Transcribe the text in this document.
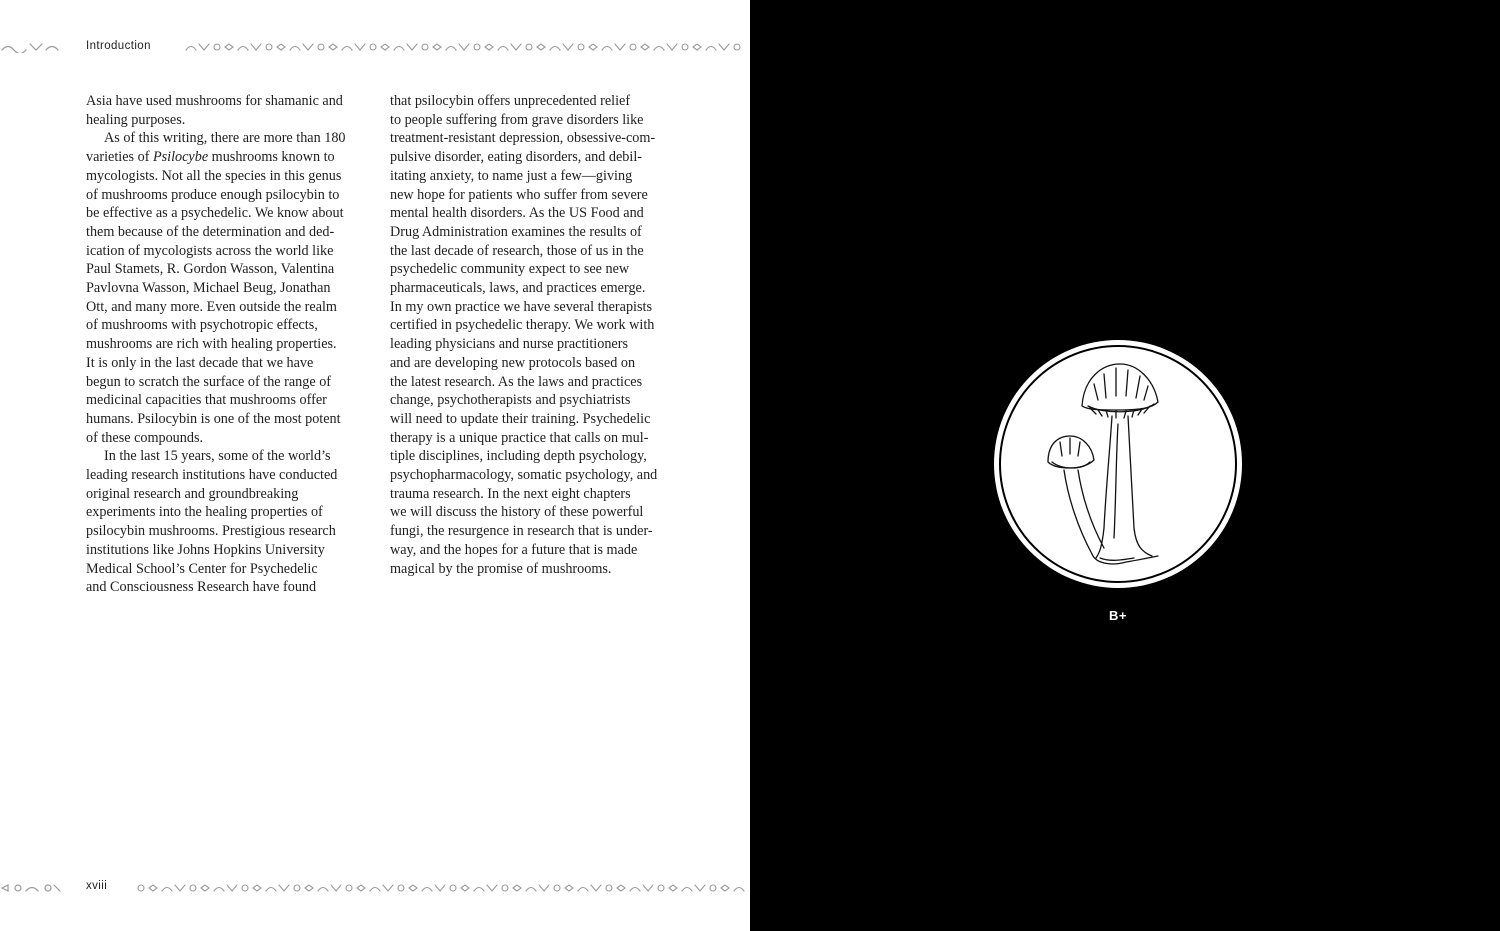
Introduction
Asia have used mushrooms for shamanic and
healing purposes.
As of this writing, there are more than 180
varieties of Psilocybe mushrooms known to
mycologists. Not all the species in this genus
of mushrooms produce enough psilocybin to
be effective as a psychedelic. We know about
them because of the determination and ded-
ication of mycologists across the world like
Paul Stamets, R. Gordon Wasson, Valentina
Pavlovna Wasson, Michael Beug, Jonathan
Ott, and many more. Even outside the realm
of mushrooms with psychotropic effects,
mushrooms are rich with healing properties.
It is only in the last decade that we have
begun to scratch the surface of the range of
medicinal capacities that mushrooms offer
humans. Psilocybin is one of the most potent
of these compounds.
In the last 15 years, some of the world’s
leading research institutions have conducted
original research and groundbreaking
experiments into the healing properties of
psilocybin mushrooms. Prestigious research
institutions like Johns Hopkins University
Medical School’s Center for Psychedelic
and Consciousness Research have found
that psilocybin offers unprecedented relief
to people suffering from grave disorders like
treatment-resistant depression, obsessive-com-
pulsive disorder, eating disorders, and debil-
itating anxiety, to name just a few—giving
new hope for patients who suffer from severe
mental health disorders. As the US Food and
Drug Administration examines the results of
the last decade of research, those of us in the
psychedelic community expect to see new
pharmaceuticals, laws, and practices emerge.
In my own practice we have several therapists
certified in psychedelic therapy. We work with
leading physicians and nurse practitioners
and are developing new protocols based on
the latest research. As the laws and practices
change, psychotherapists and psychiatrists
will need to update their training. Psychedelic
therapy is a unique practice that calls on mul-
tiple disciplines, including depth psychology,
psychopharmacology, somatic psychology, and
trauma research. In the next eight chapters
we will discuss the history of these powerful
fungi, the resurgence in research that is under-
way, and the hopes for a future that is made
magical by the promise of mushrooms.
xviii
B+
